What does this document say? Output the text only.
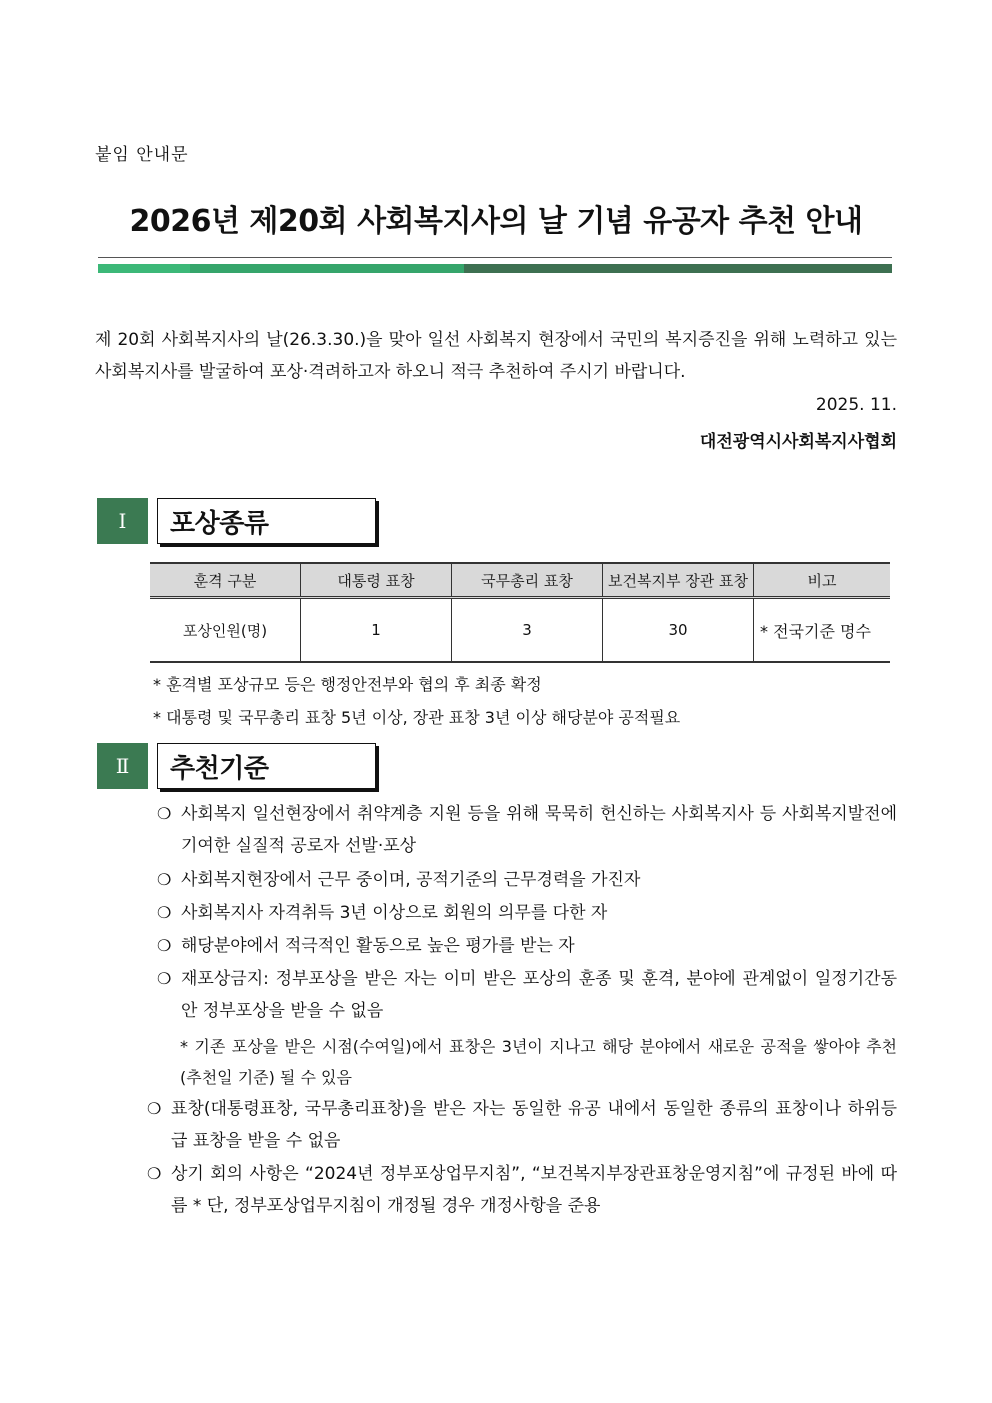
붙임 안내문
2026년 제20회 사회복지사의 날 기념 유공자 추천 안내
제 20회 사회복지사의 날(26.3.30.)을 맞아 일선 사회복지 현장에서 국민의 복지증진을 위해 노력하고 있는 사회복지사를 발굴하여 포상·격려하고자 하오니 적극 추천하여 주시기 바랍니다.
2025. 11.
대전광역시사회복지사협회
Ⅰ	포상종류
훈격 구분	대통령 표창	국무총리 표창	보건복지부 장관 표창	비고
포상인원(명)	1	3	30	* 전국기준 명수
* 훈격별 포상규모 등은 행정안전부와 협의 후 최종 확정
* 대통령 및 국무총리 표창 5년 이상, 장관 표창 3년 이상 해당분야 공적필요
Ⅱ	추천기준
❍ 사회복지 일선현장에서 취약계층 지원 등을 위해 묵묵히 헌신하는 사회복지사 등 사회복지발전에 기여한 실질적 공로자 선발·포상
❍ 사회복지현장에서 근무 중이며, 공적기준의 근무경력을 가진자
❍ 사회복지사 자격취득 3년 이상으로 회원의 의무를 다한 자
❍ 해당분야에서 적극적인 활동으로 높은 평가를 받는 자
❍ 재포상금지: 정부포상을 받은 자는 이미 받은 포상의 훈종 및 훈격, 분야에 관계없이 일정기간동안 정부포상을 받을 수 없음
* 기존 포상을 받은 시점(수여일)에서 표창은 3년이 지나고 해당 분야에서 새로운 공적을 쌓아야 추천(추천일 기준) 될 수 있음
❍ 표창(대통령표창, 국무총리표창)을 받은 자는 동일한 유공 내에서 동일한 종류의 표창이나 하위등급 표창을 받을 수 없음
❍ 상기 회의 사항은 “2024년 정부포상업무지침”, “보건복지부장관표창운영지침”에 규정된 바에 따름 * 단, 정부포상업무지침이 개정될 경우 개정사항을 준용
